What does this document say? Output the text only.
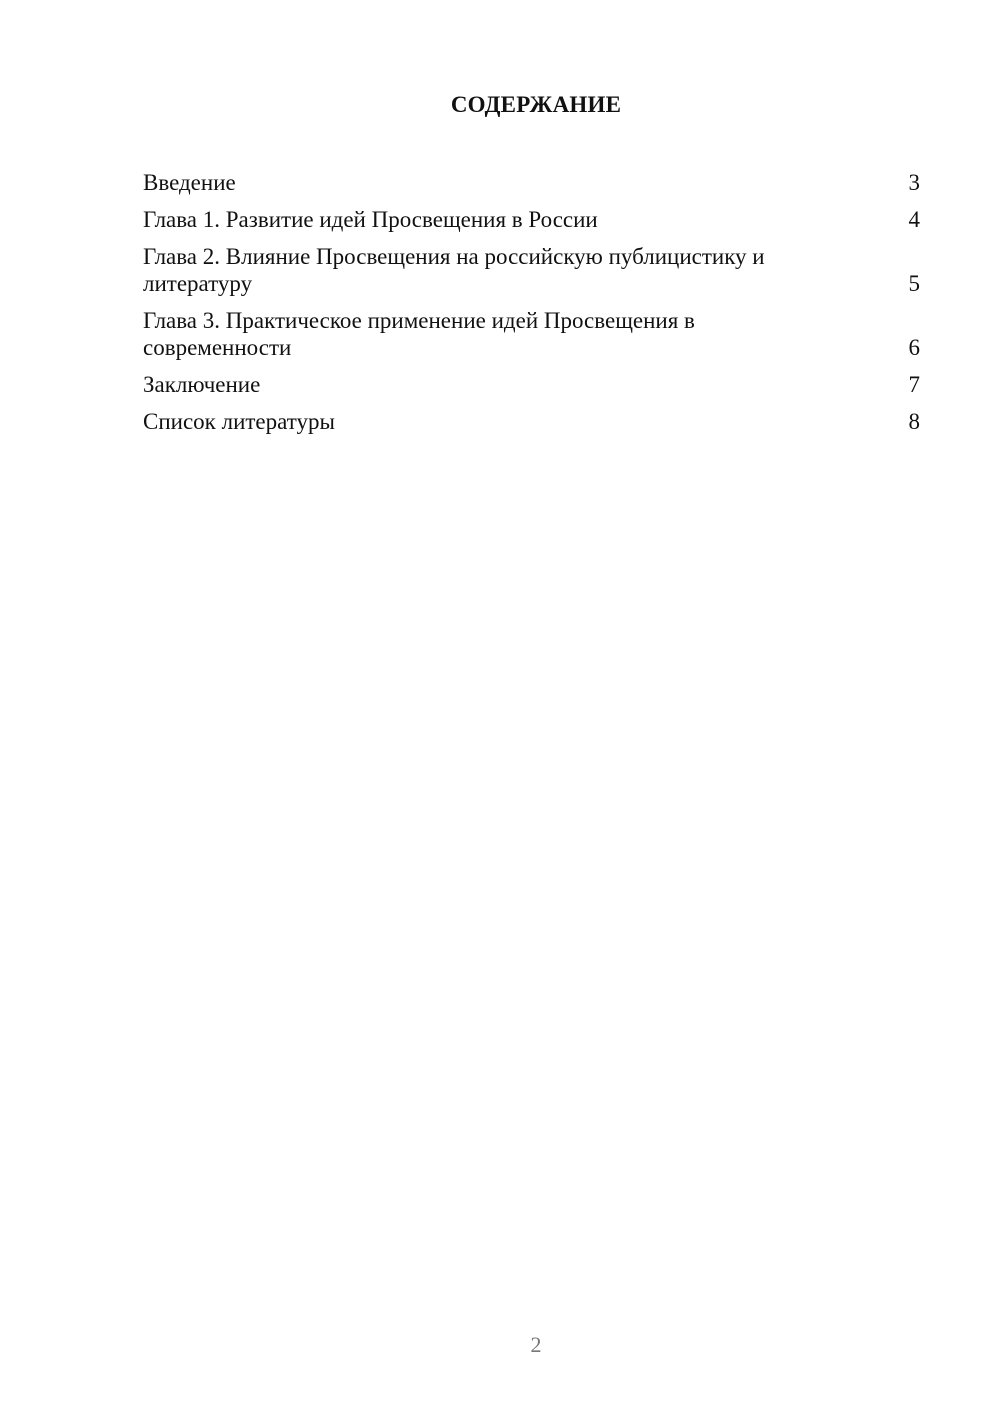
СОДЕРЖАНИЕ
Введение	3
Глава 1. Развитие идей Просвещения в России	4
Глава 2. Влияние Просвещения на российскую публицистику и литературу	5
Глава 3. Практическое применение идей Просвещения в современности	6
Заключение	7
Список литературы	8
2
